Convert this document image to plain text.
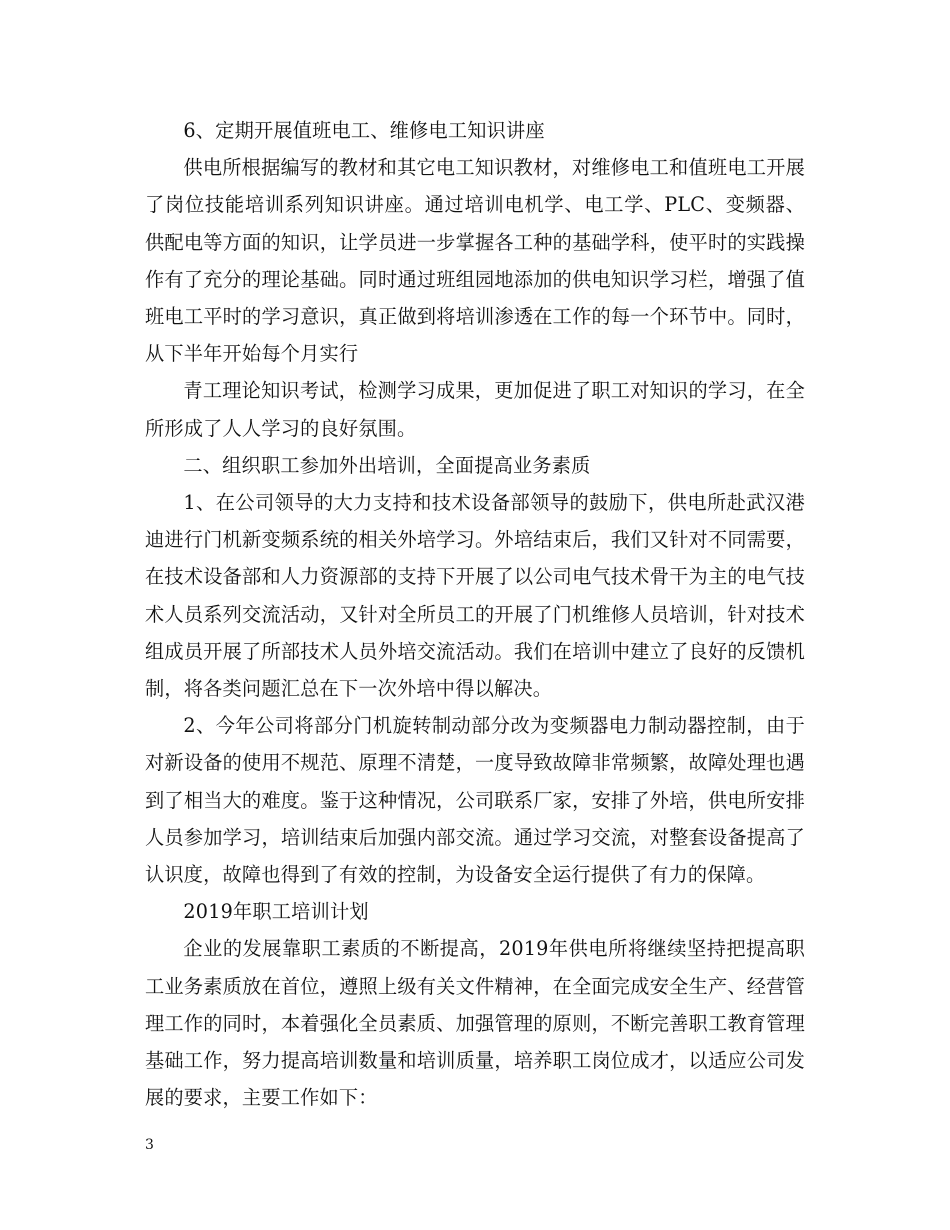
6、定期开展值班电工、维修电工知识讲座

供电所根据编写的教材和其它电工知识教材，对维修电工和值班电工开展了岗位技能培训系列知识讲座。通过培训电机学、电工学、PLC、变频器、供配电等方面的知识，让学员进一步掌握各工种的基础学科，使平时的实践操作有了充分的理论基础。同时通过班组园地添加的供电知识学习栏，增强了值班电工平时的学习意识，真正做到将培训渗透在工作的每一个环节中。同时，从下半年开始每个月实行

青工理论知识考试，检测学习成果，更加促进了职工对知识的学习，在全所形成了人人学习的良好氛围。

二、组织职工参加外出培训，全面提高业务素质

1、在公司领导的大力支持和技术设备部领导的鼓励下，供电所赴武汉港迪进行门机新变频系统的相关外培学习。外培结束后，我们又针对不同需要，在技术设备部和人力资源部的支持下开展了以公司电气技术骨干为主的电气技术人员系列交流活动，又针对全所员工的开展了门机维修人员培训，针对技术组成员开展了所部技术人员外培交流活动。我们在培训中建立了良好的反馈机制，将各类问题汇总在下一次外培中得以解决。

2、今年公司将部分门机旋转制动部分改为变频器电力制动器控制，由于对新设备的使用不规范、原理不清楚，一度导致故障非常频繁，故障处理也遇到了相当大的难度。鉴于这种情况，公司联系厂家，安排了外培，供电所安排人员参加学习，培训结束后加强内部交流。通过学习交流，对整套设备提高了认识度，故障也得到了有效的控制，为设备安全运行提供了有力的保障。

2019年职工培训计划

企业的发展靠职工素质的不断提高，2019年供电所将继续坚持把提高职工业务素质放在首位，遵照上级有关文件精神，在全面完成安全生产、经营管理工作的同时，本着强化全员素质、加强管理的原则，不断完善职工教育管理基础工作，努力提高培训数量和培训质量，培养职工岗位成才，以适应公司发展的要求，主要工作如下：

3
